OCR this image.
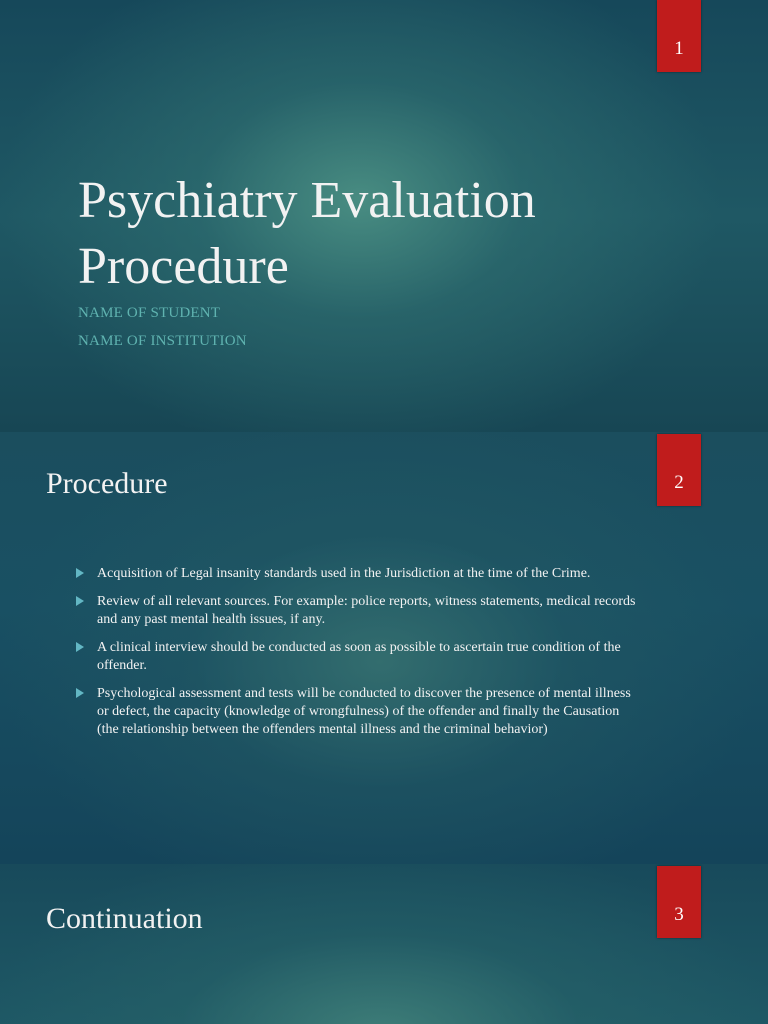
1
Psychiatry Evaluation Procedure
NAME OF STUDENT
NAME OF INSTITUTION
2
Procedure
Acquisition of Legal insanity standards used in the Jurisdiction at the time of the Crime.
Review of all relevant sources. For example: police reports, witness statements, medical records and any past mental health issues, if any.
A clinical interview should be conducted as soon as possible to ascertain true condition of the offender.
Psychological assessment and tests will be conducted to discover the presence of mental illness or defect, the capacity (knowledge of wrongfulness) of the offender and finally the Causation (the relationship between the offenders mental illness and the criminal behavior)
3
Continuation
